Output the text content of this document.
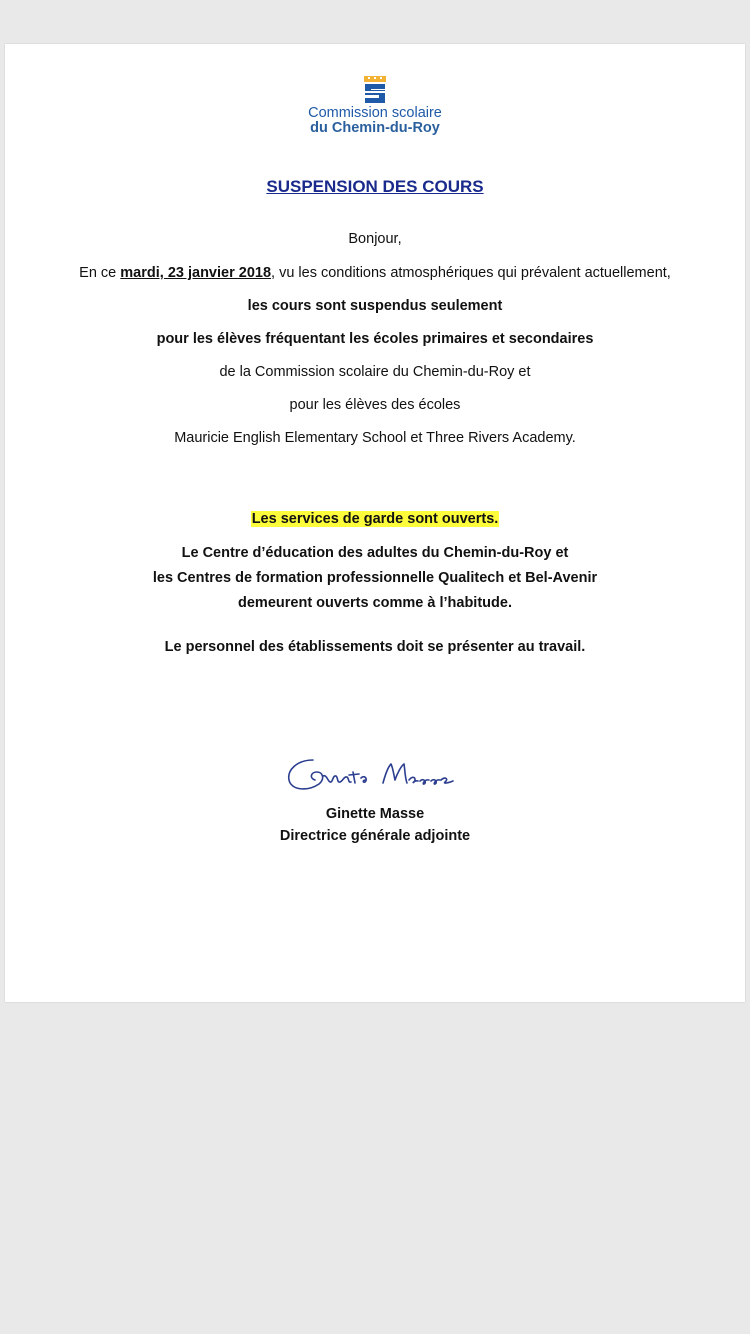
Commission scolaire
du Chemin-du-Roy
SUSPENSION DES COURS
Bonjour,
En ce mardi, 23 janvier 2018, vu les conditions atmosphériques qui prévalent actuellement,
les cours sont suspendus seulement
pour les élèves fréquentant les écoles primaires et secondaires
de la Commission scolaire du Chemin-du-Roy et
pour les élèves des écoles
Mauricie English Elementary School et Three Rivers Academy.
Les services de garde sont ouverts.
Le Centre d’éducation des adultes du Chemin-du-Roy et
les Centres de formation professionnelle Qualitech et Bel-Avenir
demeurent ouverts comme à l’habitude.
Le personnel des établissements doit se présenter au travail.
Ginette Masse
Directrice générale adjointe
